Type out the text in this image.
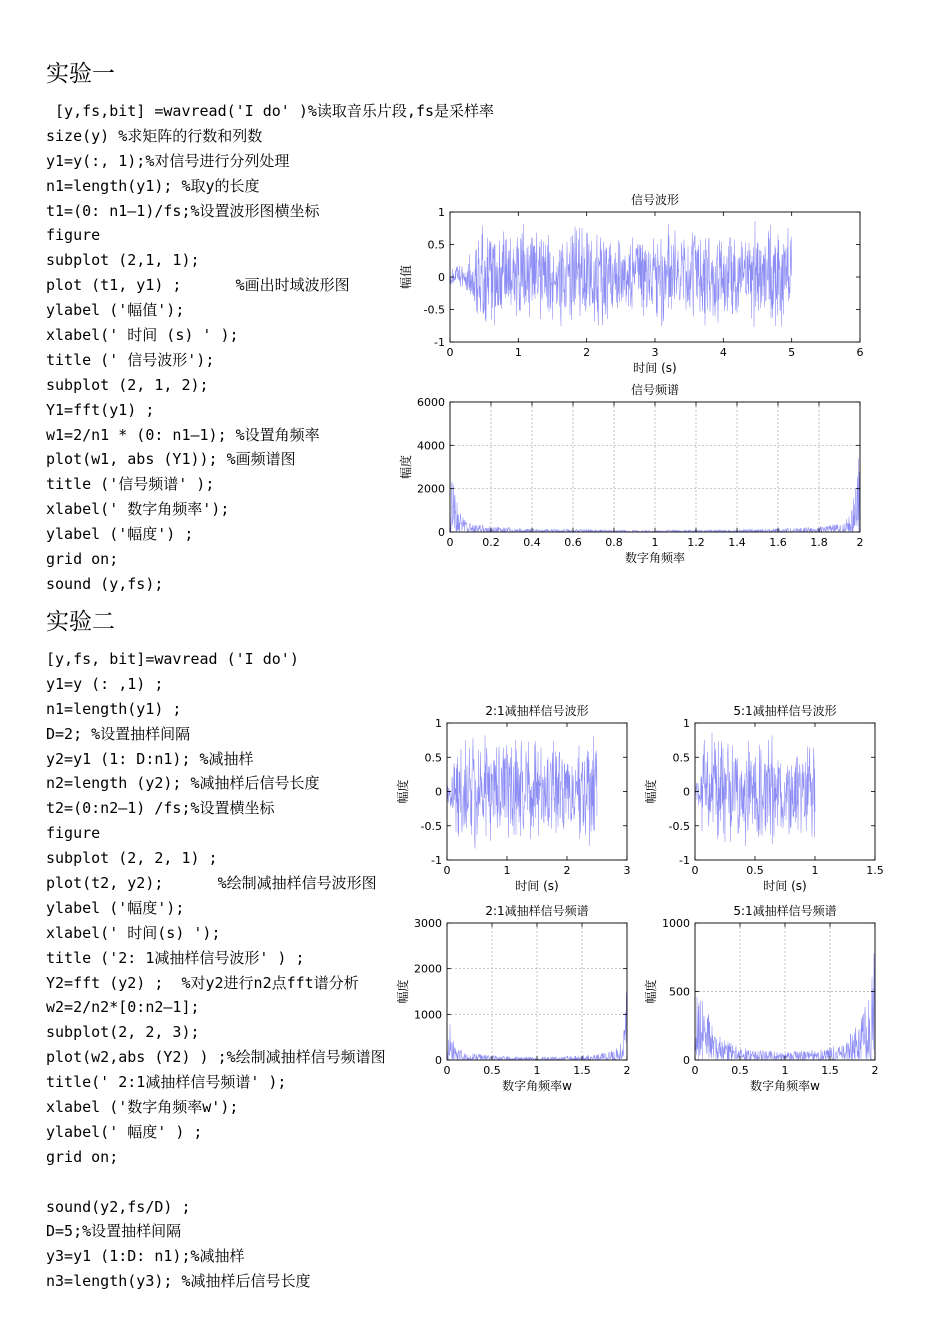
实验一
[y,fs,bit] =wavread('I do' )%读取音乐片段,fs是采样率
size(y) %求矩阵的行数和列数
y1=y(:, 1);%对信号进行分列处理
n1=length(y1); %取y的长度
t1=(0: n1—1)/fs;%设置波形图横坐标
figure
subplot (2,1, 1);
plot (t1, y1) ;      %画出时域波形图
ylabel ('幅值');
xlabel(' 时间 (s) ' );
title (' 信号波形');
subplot (2, 1, 2);
Y1=fft(y1) ;
w1=2/n1 * (0: n1—1); %设置角频率
plot(w1, abs (Y1)); %画频谱图
title ('信号频谱' );
xlabel(' 数字角频率');
ylabel ('幅度') ;
grid on;
sound (y,fs);
实验二
[y,fs, bit]=wavread ('I do')
y1=y (: ,1) ;
n1=length(y1) ;
D=2; %设置抽样间隔
y2=y1 (1: D:n1); %减抽样
n2=length (y2); %减抽样后信号长度
t2=(0:n2—1) /fs;%设置横坐标
figure
subplot (2, 2, 1) ;
plot(t2, y2);      %绘制减抽样信号波形图
ylabel ('幅度');
xlabel(' 时间(s) ');
title ('2: 1减抽样信号波形' ) ;
Y2=fft (y2) ;  %对y2进行n2点fft谱分析
w2=2/n2*[0:n2—1];
subplot(2, 2, 3);
plot(w2,abs (Y2) ) ;%绘制减抽样信号频谱图
title(' 2:1减抽样信号频谱' );
xlabel ('数字角频率w');
ylabel(' 幅度' ) ;
grid on;
sound(y2,fs/D) ;
D=5;%设置抽样间隔
y3=y1 (1:D: n1);%减抽样
n3=length(y3); %减抽样后信号长度
信号波形
0	1	2	3	4	5	6
1
0.5
0
-0.5
-1
时间 (s)
幅值
信号频谱
0	0.2 0.4 0.6 0.8	1	1.2 1.4 1.6 1.8	2
6000
4000
2000
0
数字角频率
幅度
2:1减抽样信号波形
0	1	2	3
1
0.5
0
-0.5
-1
时间 (s)
幅度
5:1减抽样信号波形
0	0.5	1	1.5
1
0.5
0
-0.5
-1
时间 (s)
幅度
2:1减抽样信号频谱
0	0.5	1	1.5	2
3000
2000
1000
0
数字角频率w
幅度
5:1减抽样信号频谱
0	0.5	1	1.5	2
1000
500
0
数字角频率w
幅度
